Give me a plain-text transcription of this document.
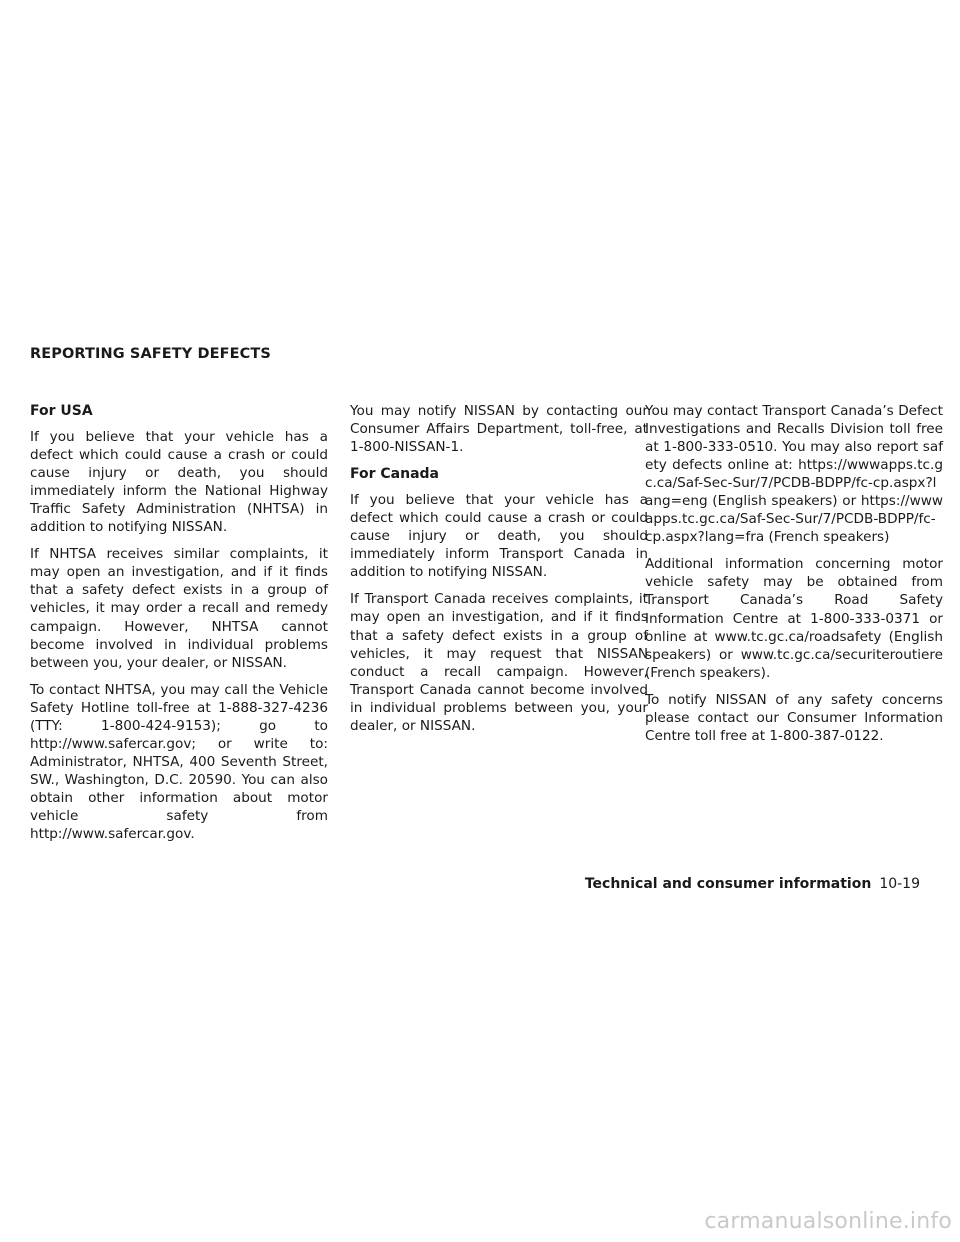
REPORTING SAFETY DEFECTS
For USA

If you believe that your vehicle has a defect which could cause a crash or could cause injury or death, you should immediately inform the National Highway Traffic Safety Administration (NHTSA) in addition to notifying NISSAN.

If NHTSA receives similar complaints, it may open an investigation, and if it finds that a safety defect exists in a group of vehicles, it may order a recall and remedy campaign. However, NHTSA cannot become involved in individual problems between you, your dealer, or NISSAN.

To contact NHTSA, you may call the Vehicle Safety Hotline toll-free at 1-888-327-4236 (TTY: 1-800-424-9153); go to http://www.safercar.gov; or write to: Administrator, NHTSA, 400 Seventh Street, SW., Washington, D.C. 20590. You can also obtain other information about motor vehicle safety from http://www.safercar.gov.

You may notify NISSAN by contacting our Consumer Affairs Department, toll-free, at 1-800-NISSAN-1.

For Canada

If you believe that your vehicle has a defect which could cause a crash or could cause injury or death, you should immediately inform Transport Canada in addition to notifying NISSAN.

If Transport Canada receives complaints, it may open an investigation, and if it finds that a safety defect exists in a group of vehicles, it may request that NISSAN conduct a recall campaign. However, Transport Canada cannot become involved in individual problems between you, your dealer, or NISSAN.

You may contact Transport Canada’s Defect Investigations and Recalls Division toll free at 1-800-333-0510. You may also report safety defects online at: https://wwwapps.tc.gc.ca/Saf-Sec-Sur/7/PCDB-BDPP/fc-cp.aspx?lang=eng (English speakers) or https://wwwapps.tc.gc.ca/Saf-Sec-Sur/7/PCDB-BDPP/fc-cp.aspx?lang=fra (French speakers)

Additional information concerning motor vehicle safety may be obtained from Transport Canada’s Road Safety Information Centre at 1-800-333-0371 or online at www.tc.gc.ca/roadsafety (English speakers) or www.tc.gc.ca/securiteroutiere (French speakers).

To notify NISSAN of any safety concerns please contact our Consumer Information Centre toll free at 1-800-387-0122.

Technical and consumer information 10-19
carmanualsonline.info
